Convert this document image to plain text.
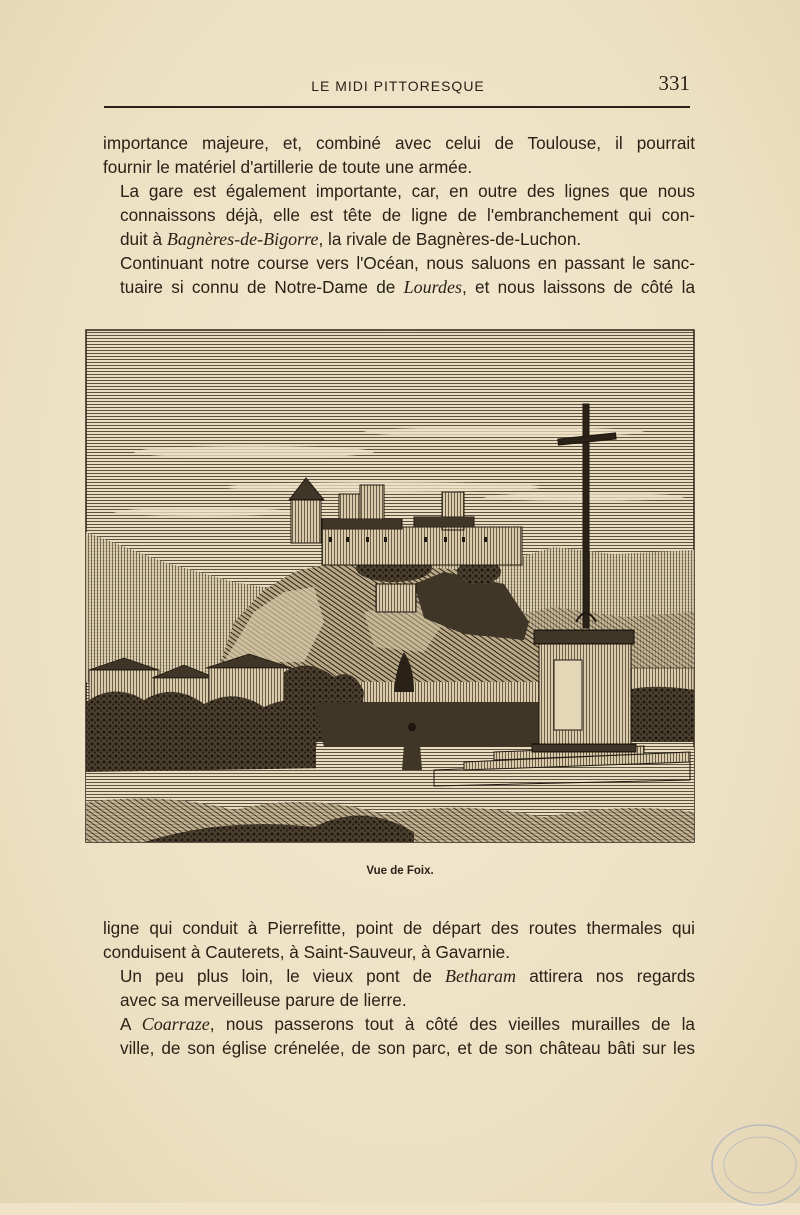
LE MIDI PITTORESQUE	331

importance majeure, et, combiné avec celui de Toulouse, il pourrait
fournir le matériel d'artillerie de toute une armée.

La gare est également importante, car, en outre des lignes que nous
connaissons déjà, elle est tête de ligne de l'embranchement qui con-
duit à Bagnères-de-Bigorre, la rivale de Bagnères-de-Luchon.

Continuant notre course vers l'Océan, nous saluons en passant le sanc-
tuaire si connu de Notre-Dame de Lourdes, et nous laissons de côté la

Vue de Foix.

ligne qui conduit à Pierrefitte, point de départ des routes thermales qui
conduisent à Cauterets, à Saint-Sauveur, à Gavarnie.

Un peu plus loin, le vieux pont de Betharam attirera nos regards
avec sa merveilleuse parure de lierre.

A Coarraze, nous passerons tout à côté des vieilles murailles de la
ville, de son église crénelée, de son parc, et de son château bâti sur les
